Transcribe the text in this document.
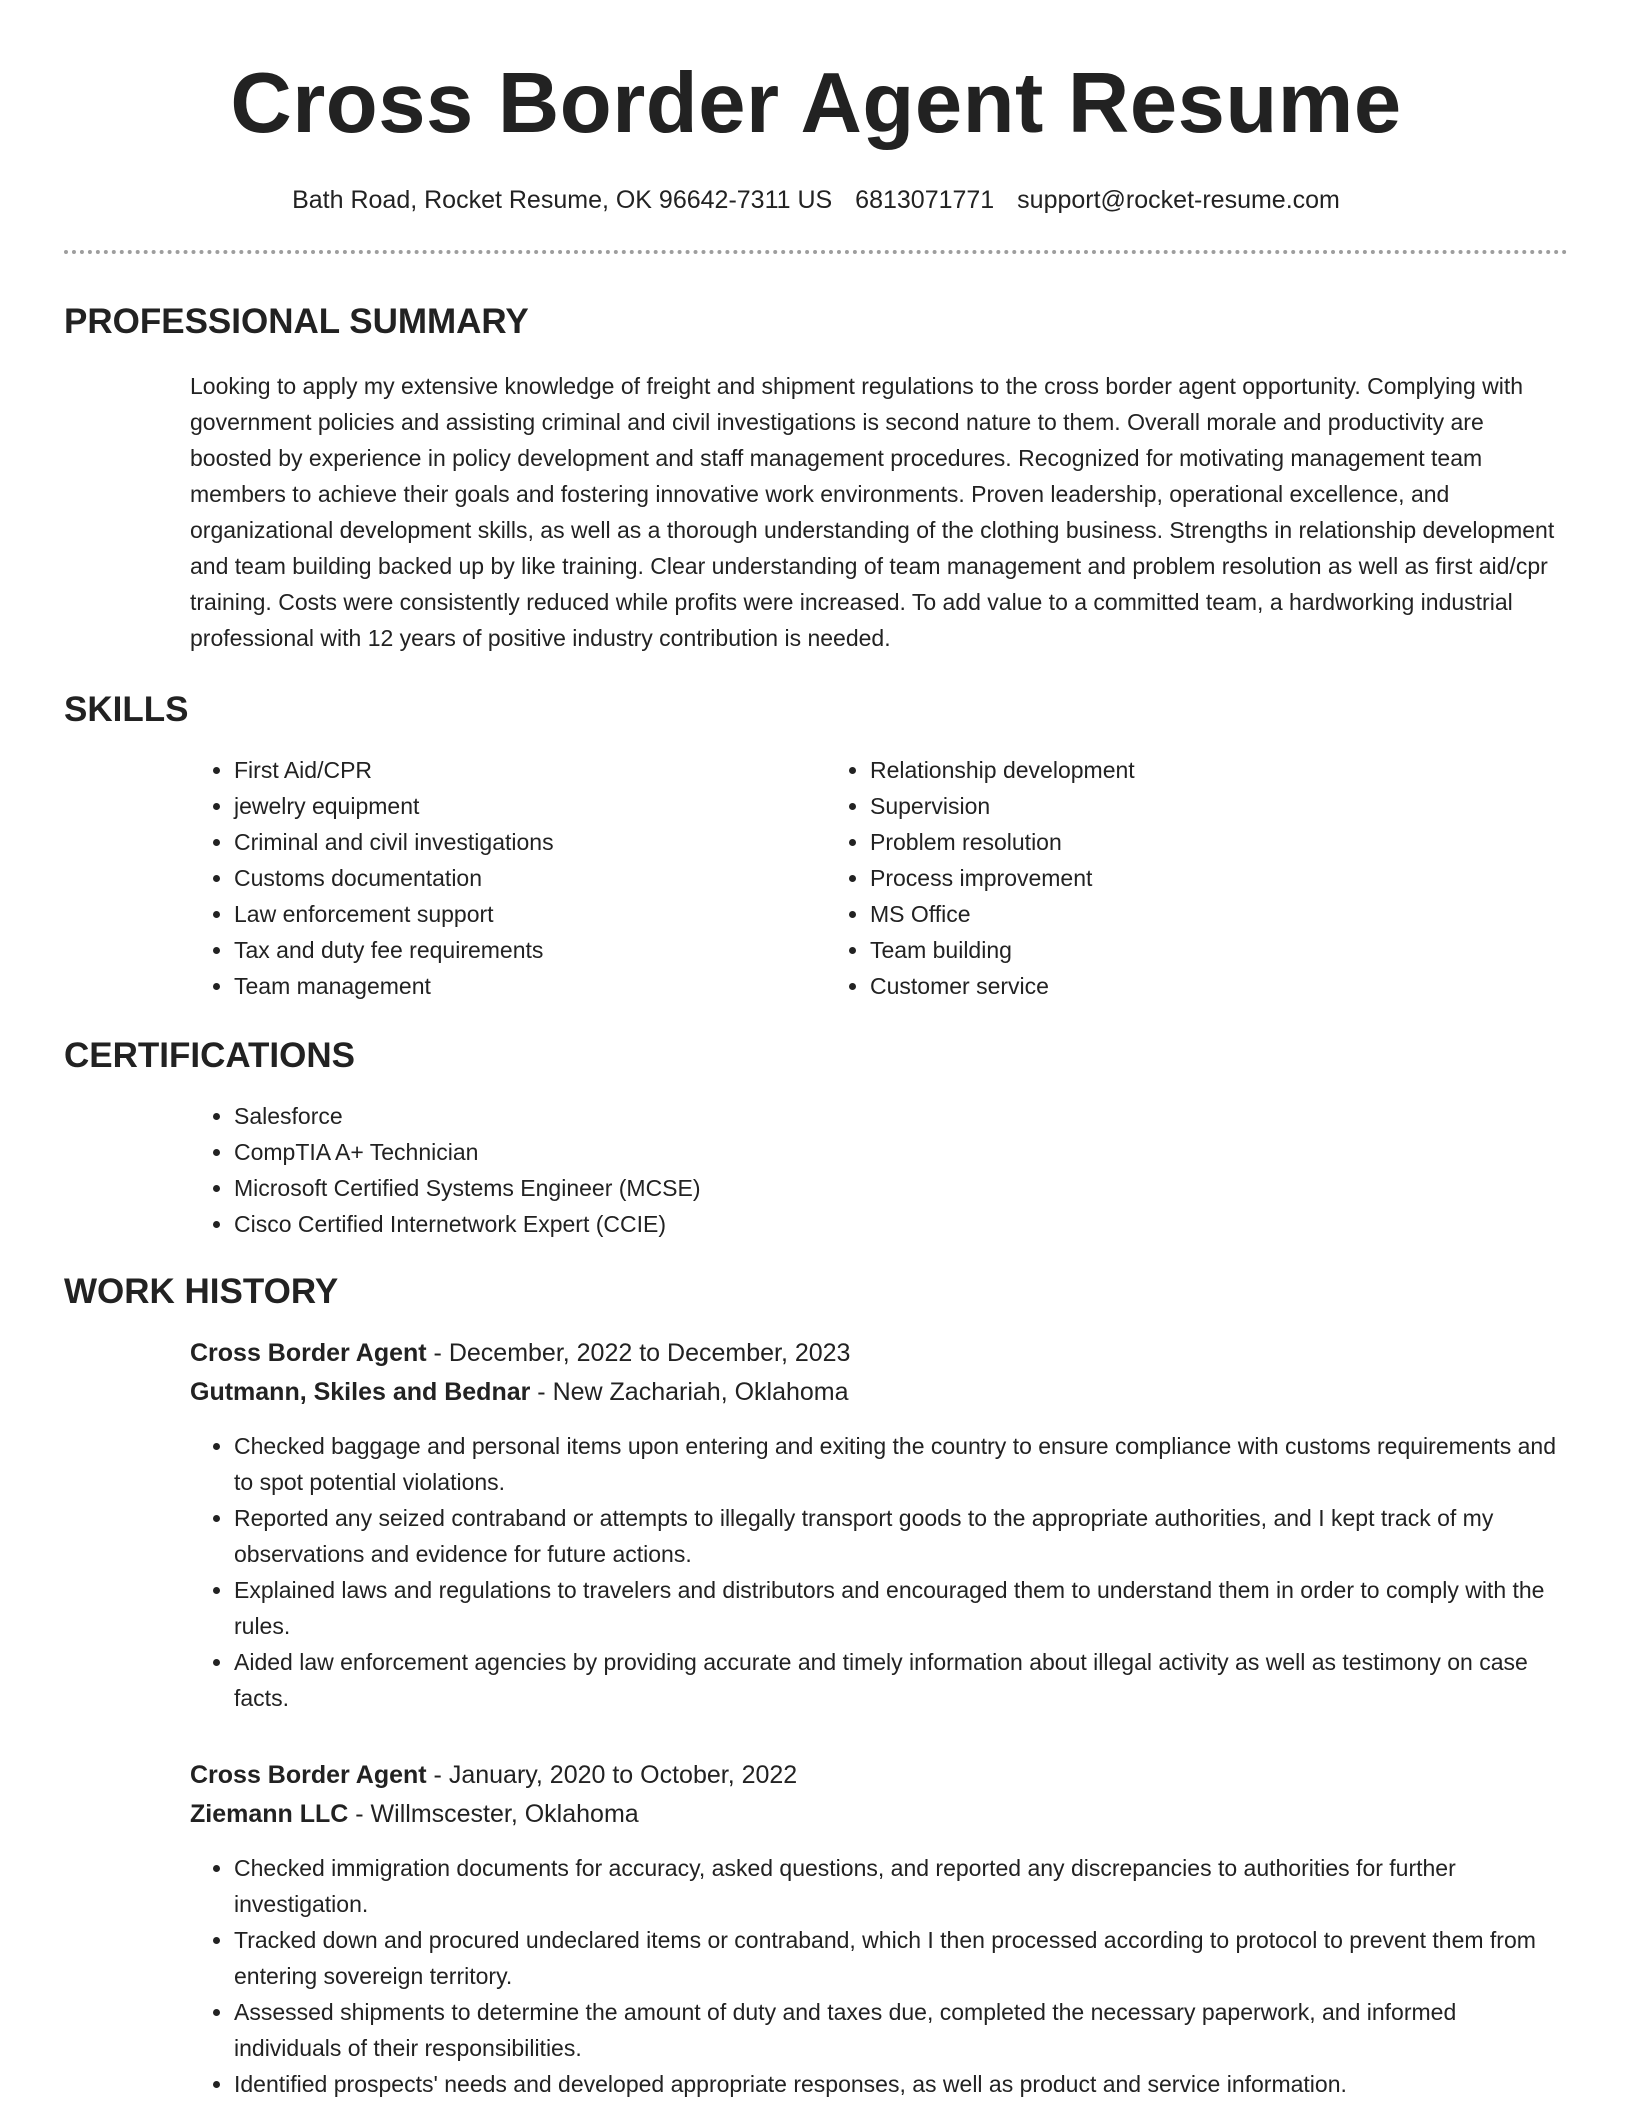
Cross Border Agent Resume
Bath Road, Rocket Resume, OK 96642-7311 US 6813071771 support@rocket-resume.com
PROFESSIONAL SUMMARY

Looking to apply my extensive knowledge of freight and shipment regulations to the cross border agent opportunity. Complying with government policies and assisting criminal and civil investigations is second nature to them. Overall morale and productivity are boosted by experience in policy development and staff management procedures. Recognized for motivating management team members to achieve their goals and fostering innovative work environments. Proven leadership, operational excellence, and organizational development skills, as well as a thorough understanding of the clothing business. Strengths in relationship development and team building backed up by like training. Clear understanding of team management and problem resolution as well as first aid/cpr training. Costs were consistently reduced while profits were increased. To add value to a committed team, a hardworking industrial professional with 12 years of positive industry contribution is needed.

SKILLS
• First Aid/CPR
• jewelry equipment
• Criminal and civil investigations
• Customs documentation
• Law enforcement support
• Tax and duty fee requirements
• Team management
• Relationship development
• Supervision
• Problem resolution
• Process improvement
• MS Office
• Team building
• Customer service
CERTIFICATIONS
• Salesforce
• CompTIA A+ Technician
• Microsoft Certified Systems Engineer (MCSE)
• Cisco Certified Internetwork Expert (CCIE)
WORK HISTORY
Cross Border Agent - December, 2022 to December, 2023
Gutmann, Skiles and Bednar - New Zachariah, Oklahoma
• Checked baggage and personal items upon entering and exiting the country to ensure compliance with customs requirements and to spot potential violations.
• Reported any seized contraband or attempts to illegally transport goods to the appropriate authorities, and I kept track of my observations and evidence for future actions.
• Explained laws and regulations to travelers and distributors and encouraged them to understand them in order to comply with the rules.
• Aided law enforcement agencies by providing accurate and timely information about illegal activity as well as testimony on case facts.
Cross Border Agent - January, 2020 to October, 2022
Ziemann LLC - Willmscester, Oklahoma
• Checked immigration documents for accuracy, asked questions, and reported any discrepancies to authorities for further investigation.
• Tracked down and procured undeclared items or contraband, which I then processed according to protocol to prevent them from entering sovereign territory.
• Assessed shipments to determine the amount of duty and taxes due, completed the necessary paperwork, and informed individuals of their responsibilities.
• Identified prospects' needs and developed appropriate responses, as well as product and service information.
